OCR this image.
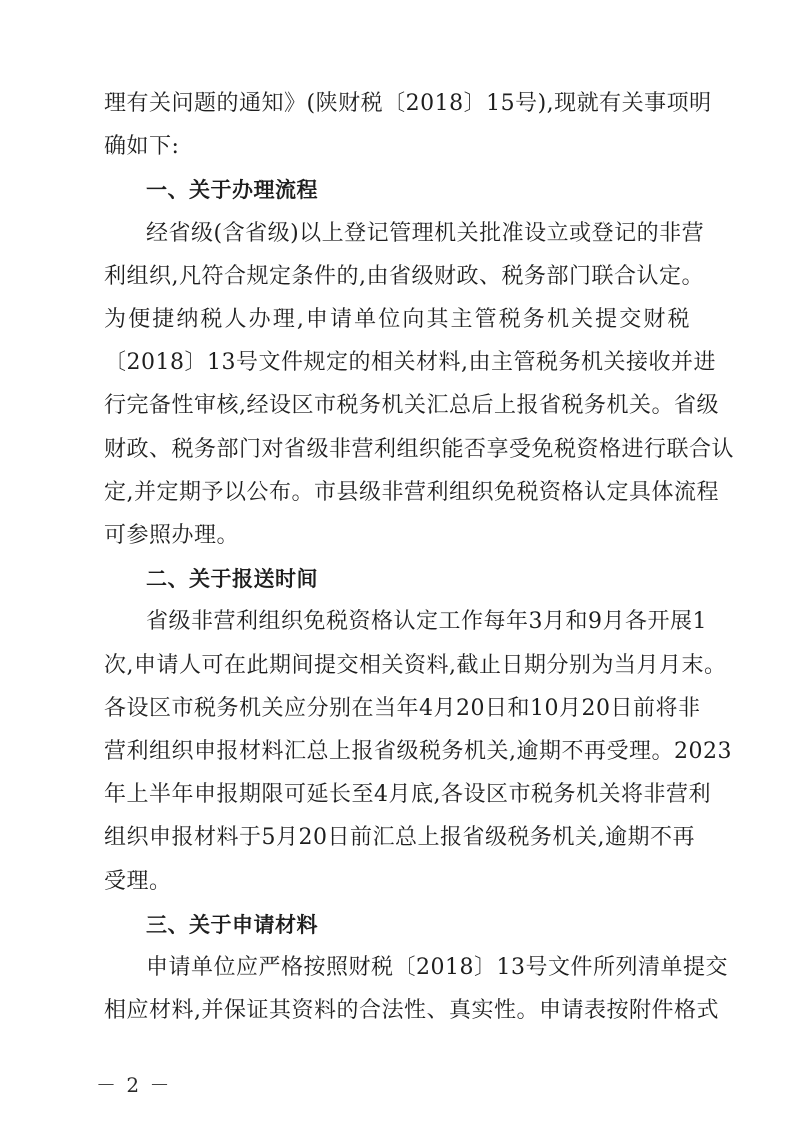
理有关问题的通知》(陕财税〔2018〕15号),现就有关事项明
确如下:
一、关于办理流程
经省级(含省级)以上登记管理机关批准设立或登记的非营
利组织,凡符合规定条件的,由省级财政、税务部门联合认定。
为便捷纳税人办理,申请单位向其主管税务机关提交财税
〔2018〕13号文件规定的相关材料,由主管税务机关接收并进
行完备性审核,经设区市税务机关汇总后上报省税务机关。省级
财政、税务部门对省级非营利组织能否享受免税资格进行联合认
定,并定期予以公布。市县级非营利组织免税资格认定具体流程
可参照办理。
二、关于报送时间
省级非营利组织免税资格认定工作每年3月和9月各开展1
次,申请人可在此期间提交相关资料,截止日期分别为当月月末。
各设区市税务机关应分别在当年4月20日和10月20日前将非
营利组织申报材料汇总上报省级税务机关,逾期不再受理。2023
年上半年申报期限可延长至4月底,各设区市税务机关将非营利
组织申报材料于5月20日前汇总上报省级税务机关,逾期不再
受理。
三、关于申请材料
申请单位应严格按照财税〔2018〕13号文件所列清单提交
相应材料,并保证其资料的合法性、真实性。申请表按附件格式
－ 2 －
